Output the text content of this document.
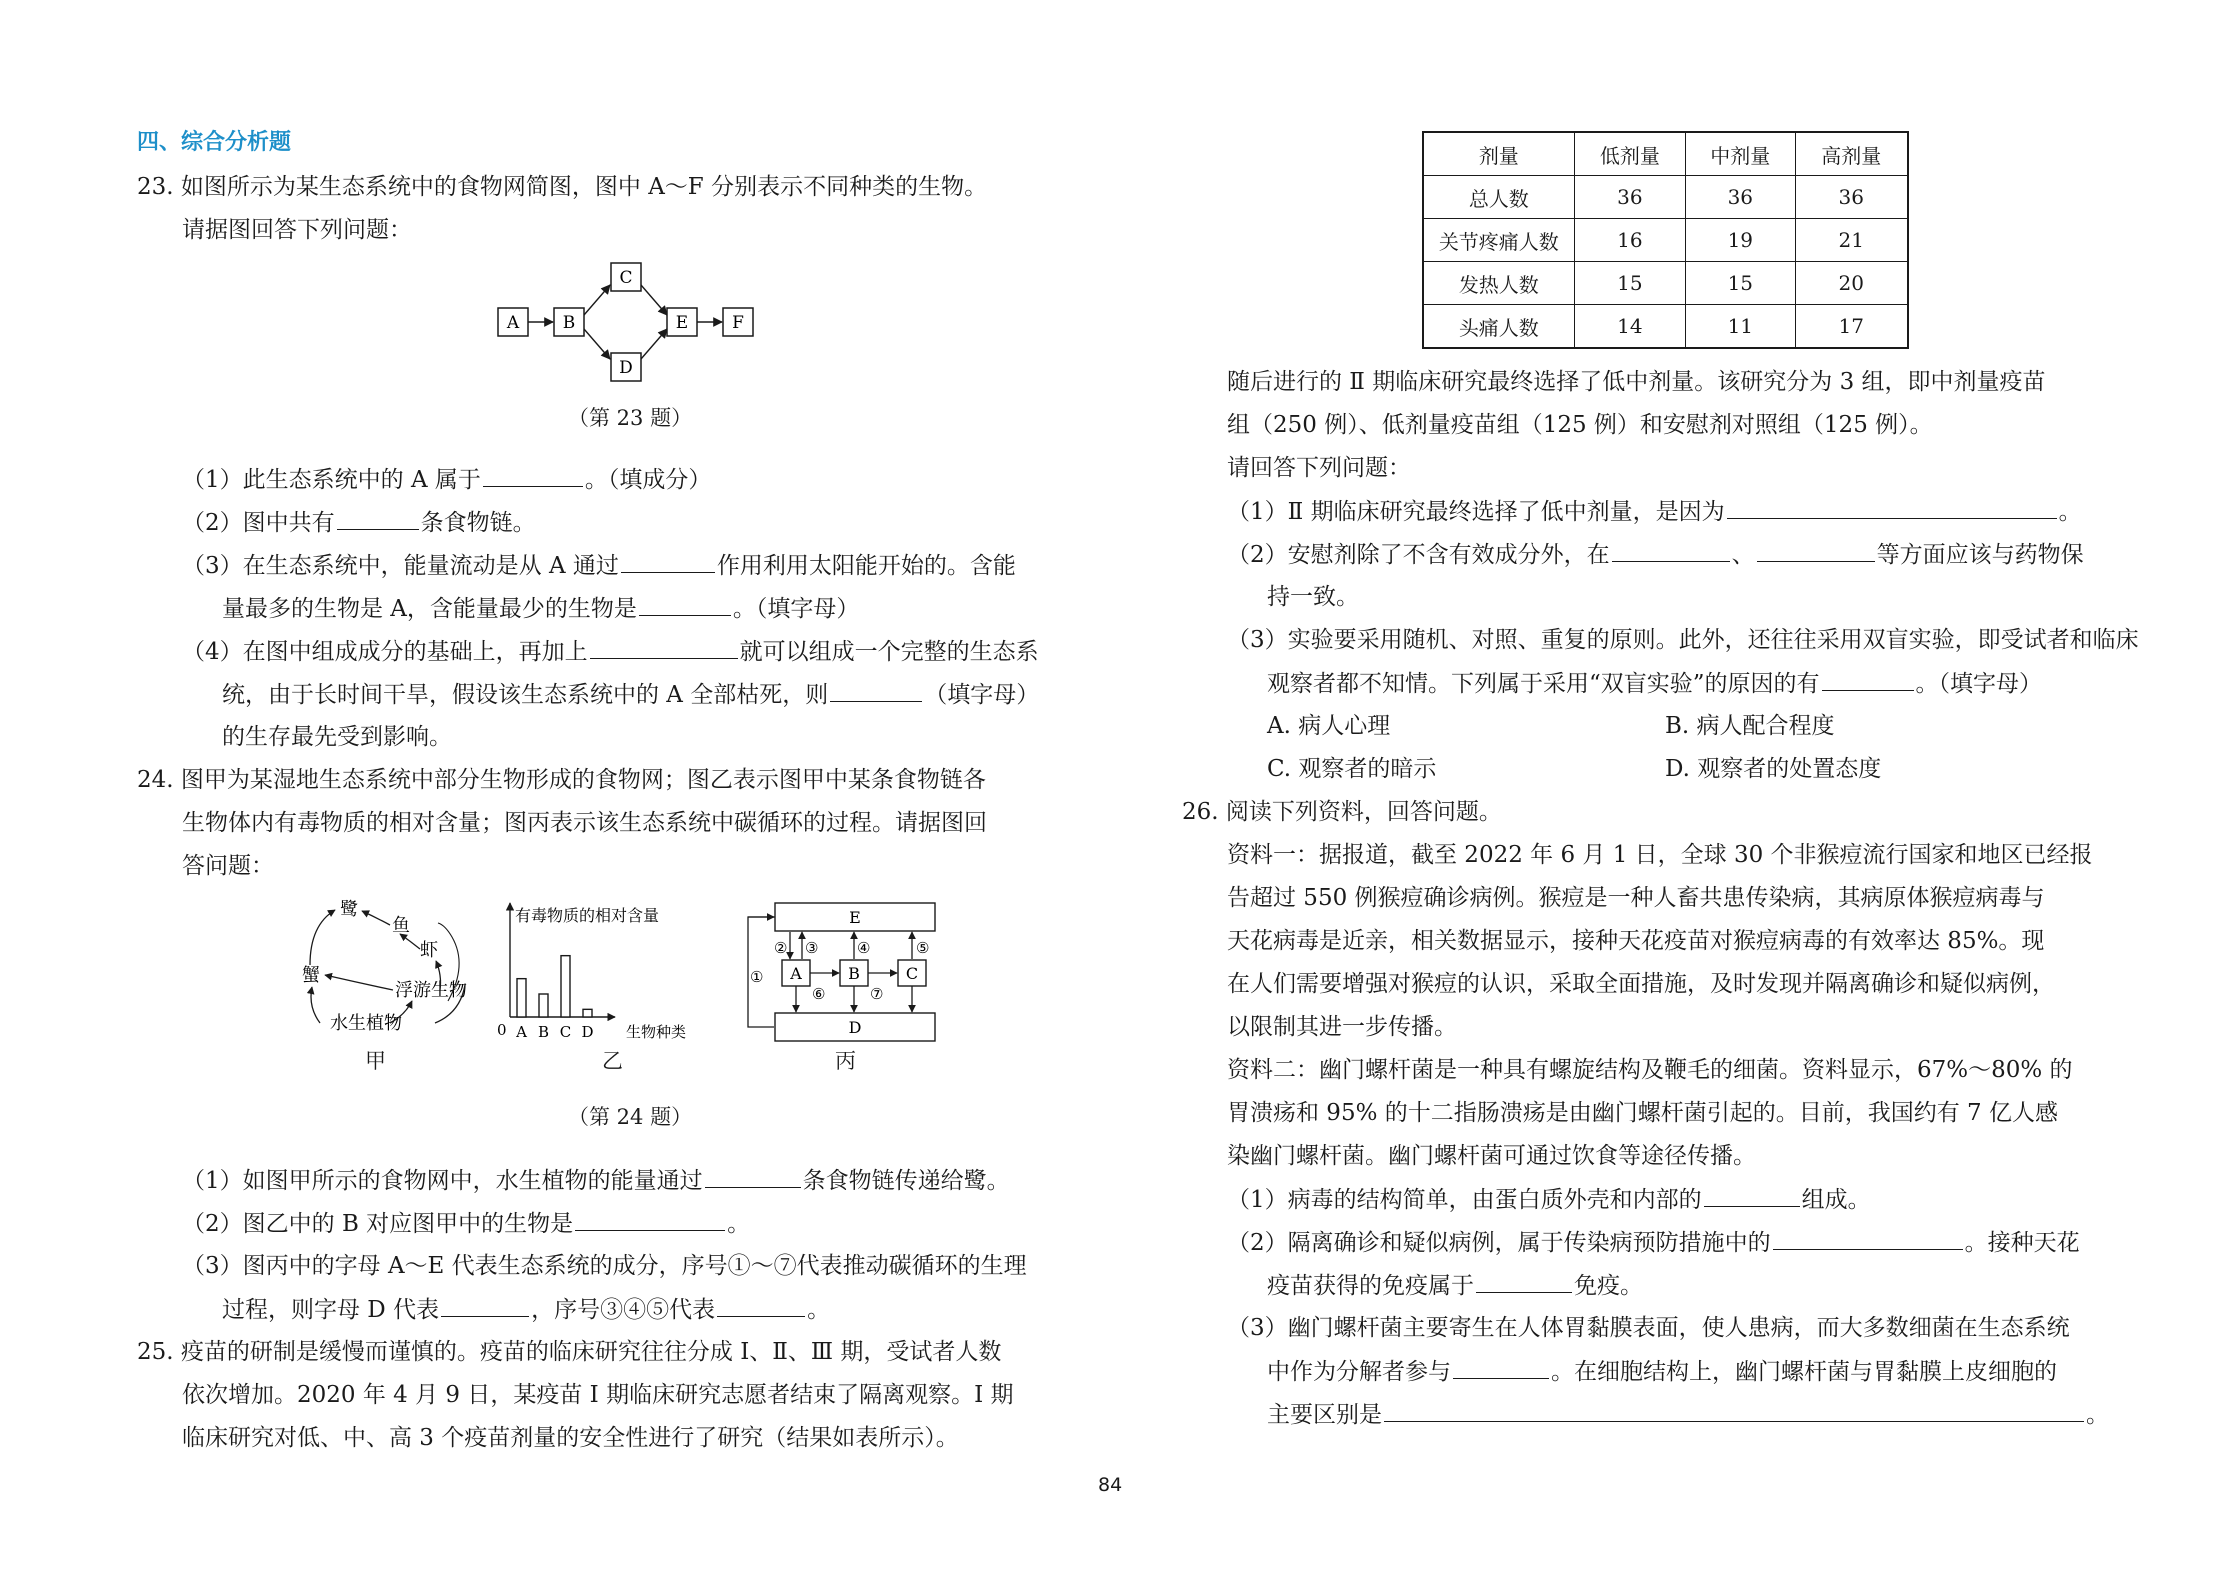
四、综合分析题
23. 如图所示为某生态系统中的食物网简图，图中 A～F 分别表示不同种类的生物。
请据图回答下列问题：
A	B
C
D
E	F
（第 23 题）
（1）此生态系统中的 A 属于	。（填成分）
（2）图中共有	条食物链。
（3）在生态系统中，能量流动是从 A 通过	作用利用太阳能开始的。含能
量最多的生物是 A，含能量最少的生物是	。（填字母）
（4）在图中组成成分的基础上，再加上	就可以组成一个完整的生态系
统，由于长时间干旱，假设该生态系统中的 A 全部枯死，则	（填字母）
的生存最先受到影响。
24. 图甲为某湿地生态系统中部分生物形成的食物网；图乙表示图甲中某条食物链各
生物体内有毒物质的相对含量；图丙表示该生态系统中碳循环的过程。请据图回
答问题：
鹭
鱼
虾
蟹
浮游生物
水生植物
甲
有毒物质的相对含量
0	生物种类
A B C D
乙
E
A	B	C
D
①
② ③	④	⑤
⑥	⑦
丙
（第 24 题）
（1）如图甲所示的食物网中，水生植物的能量通过	条食物链传递给鹭。
（2）图乙中的 B 对应图甲中的生物是	。
（3）图丙中的字母 A～E 代表生态系统的成分，序号①～⑦代表推动碳循环的生理
过程，则字母 D 代表	，序号③④⑤代表	。
25. 疫苗的研制是缓慢而谨慎的。疫苗的临床研究往往分成 Ⅰ、Ⅱ、Ⅲ 期，受试者人数
依次增加。2020 年 4 月 9 日，某疫苗 Ⅰ 期临床研究志愿者结束了隔离观察。Ⅰ 期
临床研究对低、中、高 3 个疫苗剂量的安全性进行了研究（结果如表所示）。
剂量	低剂量	中剂量	高剂量
总人数	36	36	36
关节疼痛人数	16	19	21
发热人数	15	15	20
头痛人数	14	11	17
随后进行的 Ⅱ 期临床研究最终选择了低中剂量。该研究分为 3 组，即中剂量疫苗
组（250 例）、低剂量疫苗组（125 例）和安慰剂对照组（125 例）。
请回答下列问题：
（1）Ⅱ 期临床研究最终选择了低中剂量，是因为	。
（2）安慰剂除了不含有效成分外，在	、	等方面应该与药物保
持一致。
（3）实验要采用随机、对照、重复的原则。此外，还往往采用双盲实验，即受试者和临床
观察者都不知情。下列属于采用“双盲实验”的原因的有	。（填字母）
A. 病人心理	B. 病人配合程度
C. 观察者的暗示	D. 观察者的处置态度
26. 阅读下列资料，回答问题。
资料一：据报道，截至 2022 年 6 月 1 日，全球 30 个非猴痘流行国家和地区已经报
告超过 550 例猴痘确诊病例。猴痘是一种人畜共患传染病，其病原体猴痘病毒与
天花病毒是近亲，相关数据显示，接种天花疫苗对猴痘病毒的有效率达 85%。现
在人们需要增强对猴痘的认识，采取全面措施，及时发现并隔离确诊和疑似病例，
以限制其进一步传播。
资料二：幽门螺杆菌是一种具有螺旋结构及鞭毛的细菌。资料显示，67%～80% 的
胃溃疡和 95% 的十二指肠溃疡是由幽门螺杆菌引起的。目前，我国约有 7 亿人感
染幽门螺杆菌。幽门螺杆菌可通过饮食等途径传播。
（1）病毒的结构简单，由蛋白质外壳和内部的	组成。
（2）隔离确诊和疑似病例，属于传染病预防措施中的	。接种天花
疫苗获得的免疫属于	免疫。
（3）幽门螺杆菌主要寄生在人体胃黏膜表面，使人患病，而大多数细菌在生态系统
中作为分解者参与	。在细胞结构上，幽门螺杆菌与胃黏膜上皮细胞的
主要区别是	。
84
